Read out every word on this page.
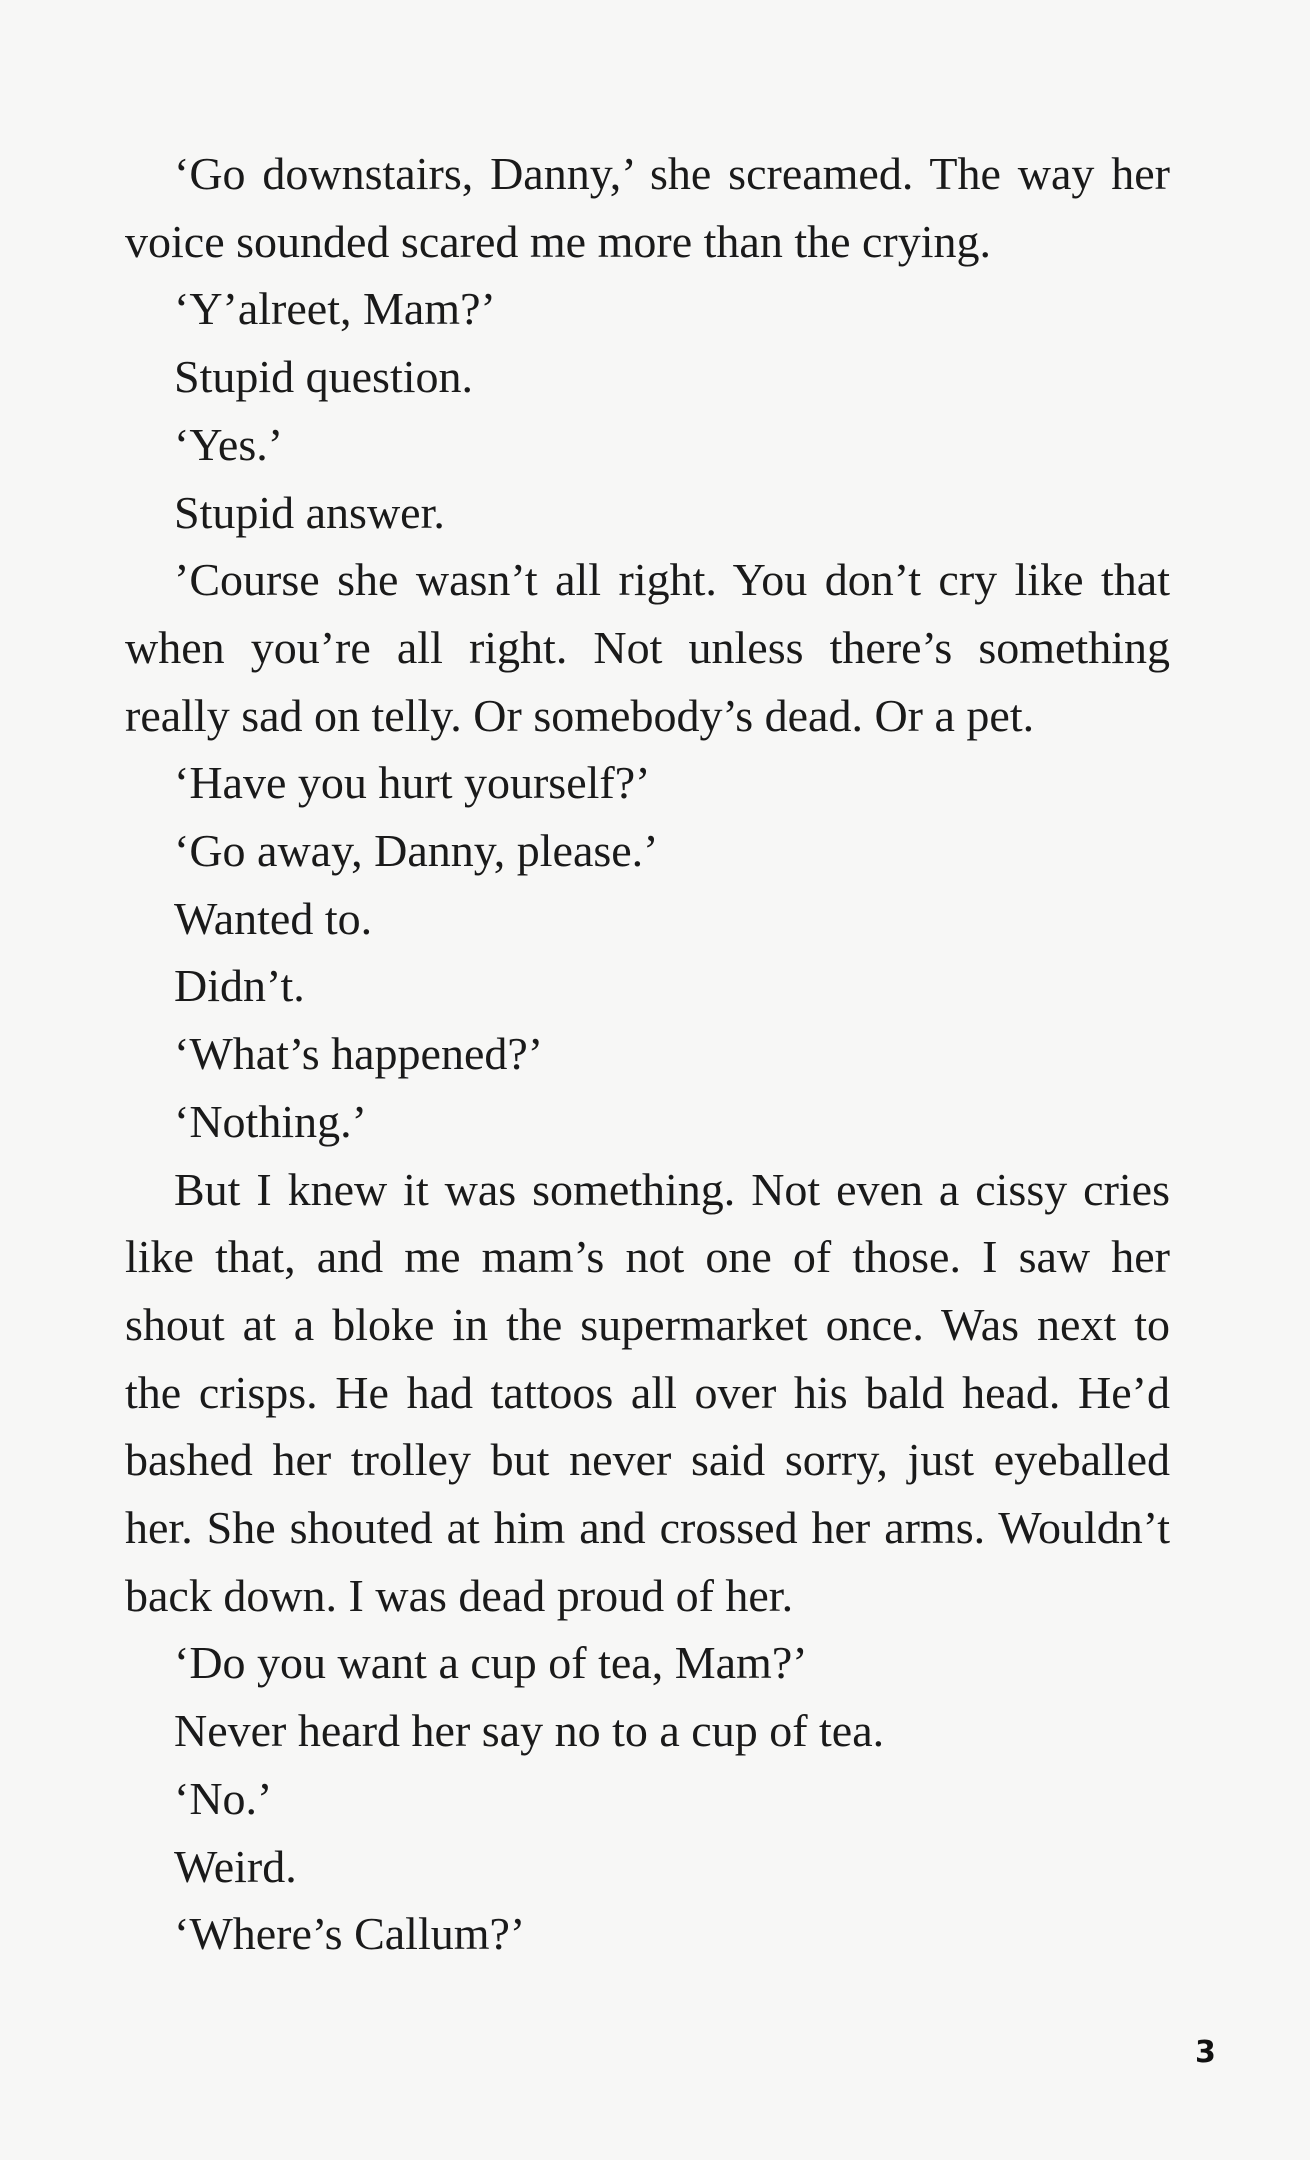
‘Go downstairs, Danny,’ she screamed. The way her voice sounded scared me more than the crying.

‘Y’alreet, Mam?’

Stupid question.

‘Yes.’

Stupid answer.

’Course she wasn’t all right. You don’t cry like that when you’re all right. Not unless there’s something really sad on telly. Or somebody’s dead. Or a pet.

‘Have you hurt yourself?’

‘Go away, Danny, please.’

Wanted to.

Didn’t.

‘What’s happened?’

‘Nothing.’

But I knew it was something. Not even a cissy cries like that, and me mam’s not one of those. I saw her shout at a bloke in the supermarket once. Was next to the crisps. He had tattoos all over his bald head. He’d bashed her trolley but never said sorry, just eyeballed her. She shouted at him and crossed her arms. Wouldn’t back down. I was dead proud of her.

‘Do you want a cup of tea, Mam?’

Never heard her say no to a cup of tea.

‘No.’

Weird.

‘Where’s Callum?’

3
